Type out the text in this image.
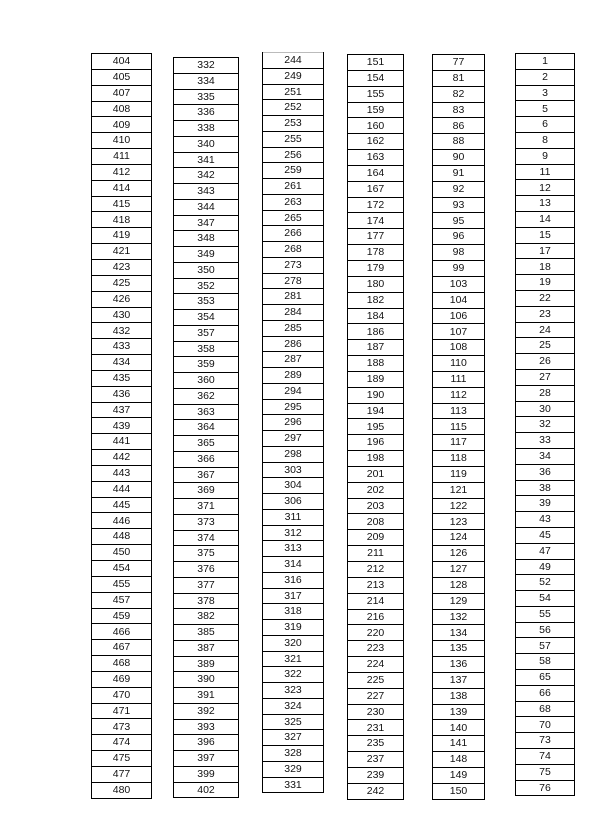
404
405
407
408
409
410
411
412
414
415
418
419
421
423
425
426
430
432
433
434
435
436
437
439
441
442
443
444
445
446
448
450
454
455
457
459
466
467
468
469
470
471
473
474
475
477
480
332
334
335
336
338
340
341
342
343
344
347
348
349
350
352
353
354
357
358
359
360
362
363
364
365
366
367
369
371
373
374
375
376
377
378
382
385
387
389
390
391
392
393
396
397
399
402
244
249
251
252
253
255
256
259
261
263
265
266
268
273
278
281
284
285
286
287
289
294
295
296
297
298
303
304
306
311
312
313
314
316
317
318
319
320
321
322
323
324
325
327
328
329
331
151
154
155
159
160
162
163
164
167
172
174
177
178
179
180
182
184
186
187
188
189
190
194
195
196
198
201
202
203
208
209
211
212
213
214
216
220
223
224
225
227
230
231
235
237
239
242
77
81
82
83
86
88
90
91
92
93
95
96
98
99
103
104
106
107
108
110
111
112
113
115
117
118
119
121
122
123
124
126
127
128
129
132
134
135
136
137
138
139
140
141
148
149
150
1
2
3
5
6
8
9
11
12
13
14
15
17
18
19
22
23
24
25
26
27
28
30
32
33
34
36
38
39
43
45
47
49
52
54
55
56
57
58
65
66
68
70
73
74
75
76
